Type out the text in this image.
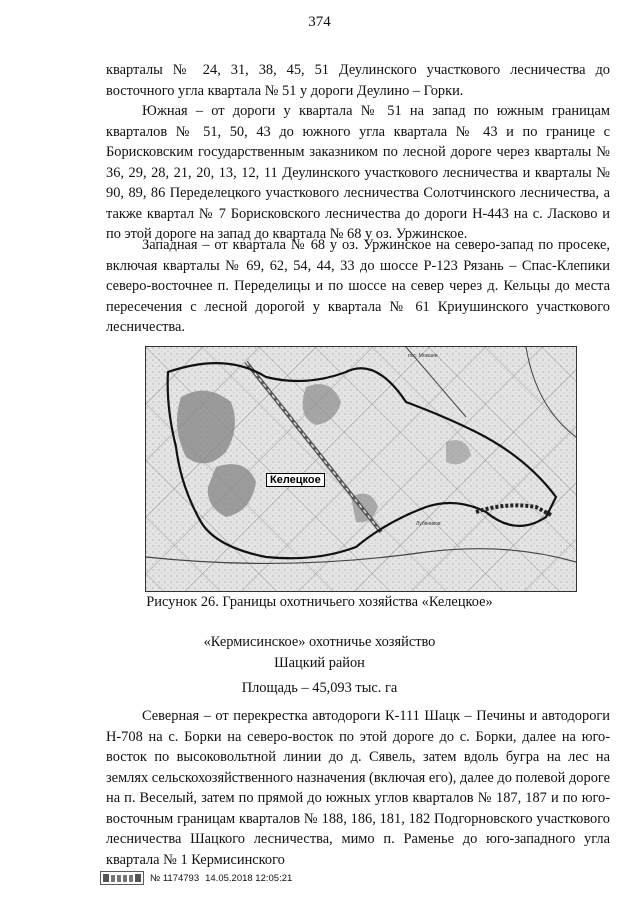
374

кварталы № 24, 31, 38, 45, 51 Деулинского участкового лесничества до восточного угла квартала № 51 у дороги Деулино – Горки.

Южная – от дороги у квартала № 51 на запад по южным границам кварталов № 51, 50, 43 до южного угла квартала № 43 и по границе с Борисковским государственным заказником по лесной дороге через кварталы № 36, 29, 28, 21, 20, 13, 12, 11 Деулинского участкового лесничества и кварталы № 90, 89, 86 Переделецкого участкового лесничества Солотчинского лесничества, а также квартал № 7 Борисковского лесничества до дороги Н-443 на с. Ласково и по этой дороге на запад до квартала № 68 у оз. Уржинское.

Западная – от квартала № 68 у оз. Уржинское на северо-запад по просеке, включая кварталы № 69, 62, 54, 44, 33 до шоссе Р-123 Рязань – Спас-Клепики северо-восточнее п. Переделицы и по шоссе на север через д. Кельцы до места пересечения с лесной дорогой у квартала № 61 Криушинского участкового лесничества.

Келецкое
пос. Мокшеи
Лубяников
Рисунок 26. Границы охотничьего хозяйства «Келецкое»
«Кермисинское» охотничье хозяйство
Шацкий район
Площадь – 45,093 тыс. га

Северная – от перекрестка автодороги К-111 Шацк – Печины и автодороги Н-708 на с. Борки на северо-восток по этой дороге до с. Борки, далее на юго-восток по высоковольтной линии до д. Сявель, затем вдоль бугра на лес на землях сельскохозяйственного назначения (включая его), далее до полевой дороге на п. Веселый, затем по прямой до южных углов кварталов № 187, 187 и по юго-восточным границам кварталов № 188, 186, 181, 182 Подгорновского участкового лесничества Шацкого лесничества, мимо п. Раменье до юго-западного угла квартала № 1 Кермисинского

№ 1174793 14.05.2018 12:05:21
